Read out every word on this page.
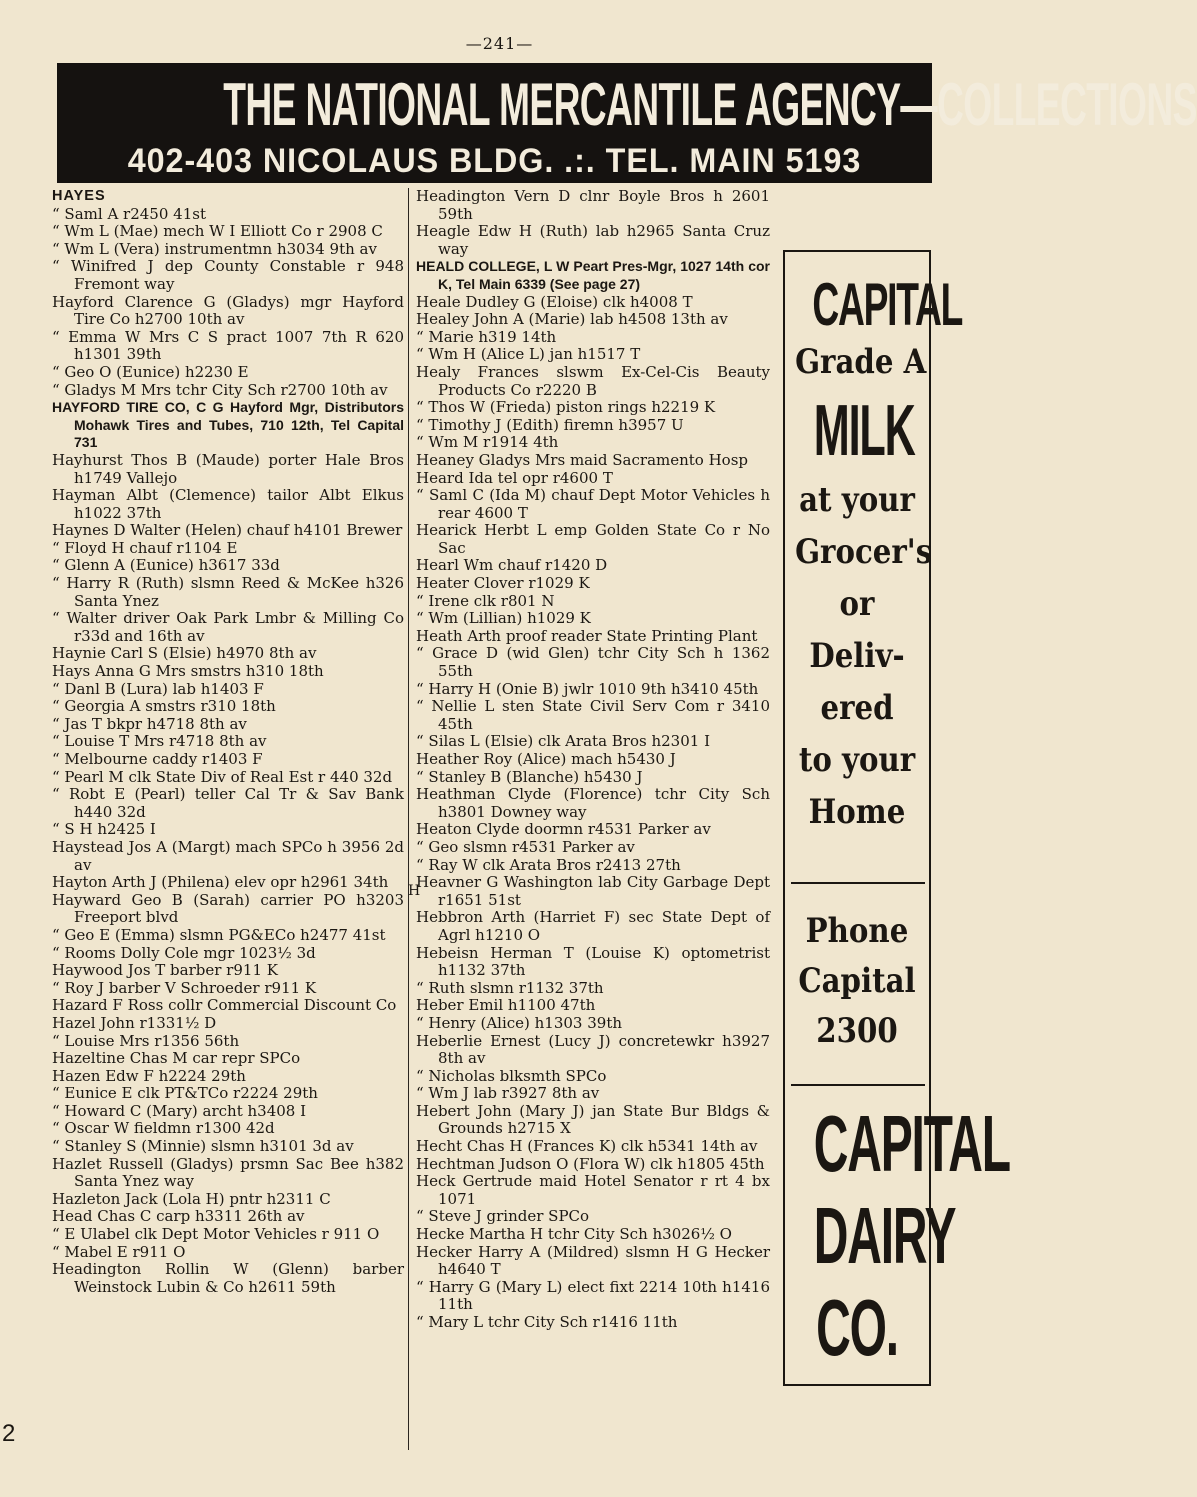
—241—
THE NATIONAL MERCANTILE AGENCY—COLLECTIONS
402-403 NICOLAUS BLDG. .:. TEL. MAIN 5193

HAYES

“ Saml A r2450 41st

“ Wm L (Mae) mech W I Elliott Co r 2908 C

“ Wm L (Vera) instrumentmn h3034 9th av

“ Winifred J dep County Constable r 948 Fremont way

Hayford Clarence G (Gladys) mgr Hayford Tire Co h2700 10th av

“ Emma W Mrs C S pract 1007 7th R 620 h1301 39th

“ Geo O (Eunice) h2230 E

“ Gladys M Mrs tchr City Sch r2700 10th av

HAYFORD TIRE CO, C G Hayford Mgr, Distributors Mohawk Tires and Tubes, 710 12th, Tel Capital 731

Hayhurst Thos B (Maude) porter Hale Bros h1749 Vallejo

Hayman Albt (Clemence) tailor Albt Elkus h1022 37th

Haynes D Walter (Helen) chauf h4101 Brewer

“ Floyd H chauf r1104 E

“ Glenn A (Eunice) h3617 33d

“ Harry R (Ruth) slsmn Reed & McKee h326 Santa Ynez

“ Walter driver Oak Park Lmbr & Milling Co r33d and 16th av

Haynie Carl S (Elsie) h4970 8th av

Hays Anna G Mrs smstrs h310 18th

“ Danl B (Lura) lab h1403 F

“ Georgia A smstrs r310 18th

“ Jas T bkpr h4718 8th av

“ Louise T Mrs r4718 8th av

“ Melbourne caddy r1403 F

“ Pearl M clk State Div of Real Est r 440 32d

“ Robt E (Pearl) teller Cal Tr & Sav Bank h440 32d

“ S H h2425 I

Haystead Jos A (Margt) mach SPCo h 3956 2d av

Hayton Arth J (Philena) elev opr h2961 34th

Hayward Geo B (Sarah) carrier PO h3203 Freeport blvd

“ Geo E (Emma) slsmn PG&ECo h2477 41st

“ Rooms Dolly Cole mgr 1023½ 3d

Haywood Jos T barber r911 K

“ Roy J barber V Schroeder r911 K

Hazard F Ross collr Commercial Discount Co

Hazel John r1331½ D

“ Louise Mrs r1356 56th

Hazeltine Chas M car repr SPCo

Hazen Edw F h2224 29th

“ Eunice E clk PT&TCo r2224 29th

“ Howard C (Mary) archt h3408 I

“ Oscar W fieldmn r1300 42d

“ Stanley S (Minnie) slsmn h3101 3d av

Hazlet Russell (Gladys) prsmn Sac Bee h382 Santa Ynez way

Hazleton Jack (Lola H) pntr h2311 C

Head Chas C carp h3311 26th av

“ E Ulabel clk Dept Motor Vehicles r 911 O

“ Mabel E r911 O

Headington Rollin W (Glenn) barber Weinstock Lubin & Co h2611 59th

Headington Vern D clnr Boyle Bros h 2601 59th

Heagle Edw H (Ruth) lab h2965 Santa Cruz way

HEALD COLLEGE, L W Peart Pres-Mgr, 1027 14th cor K, Tel Main 6339 (See page 27)

Heale Dudley G (Eloise) clk h4008 T

Healey John A (Marie) lab h4508 13th av

“ Marie h319 14th

“ Wm H (Alice L) jan h1517 T

Healy Frances slswm Ex-Cel-Cis Beauty Products Co r2220 B

“ Thos W (Frieda) piston rings h2219 K

“ Timothy J (Edith) firemn h3957 U

“ Wm M r1914 4th

Heaney Gladys Mrs maid Sacramento Hosp

Heard Ida tel opr r4600 T

“ Saml C (Ida M) chauf Dept Motor Vehicles h rear 4600 T

Hearick Herbt L emp Golden State Co r No Sac

Hearl Wm chauf r1420 D

Heater Clover r1029 K

“ Irene clk r801 N

“ Wm (Lillian) h1029 K

Heath Arth proof reader State Printing Plant

“ Grace D (wid Glen) tchr City Sch h 1362 55th

“ Harry H (Onie B) jwlr 1010 9th h3410 45th

“ Nellie L sten State Civil Serv Com r 3410 45th

“ Silas L (Elsie) clk Arata Bros h2301 I

Heather Roy (Alice) mach h5430 J

“ Stanley B (Blanche) h5430 J

Heathman Clyde (Florence) tchr City Sch h3801 Downey way

Heaton Clyde doormn r4531 Parker av

“ Geo slsmn r4531 Parker av

“ Ray W clk Arata Bros r2413 27th

Heavner G Washington lab City Garbage Dept r1651 51st

Hebbron Arth (Harriet F) sec State Dept of Agrl h1210 O

Hebeisn Herman T (Louise K) optometrist h1132 37th

“ Ruth slsmn r1132 37th

Heber Emil h1100 47th

“ Henry (Alice) h1303 39th

Heberlie Ernest (Lucy J) concretewkr h3927 8th av

“ Nicholas blksmth SPCo

“ Wm J lab r3927 8th av

Hebert John (Mary J) jan State Bur Bldgs & Grounds h2715 X

Hecht Chas H (Frances K) clk h5341 14th av

Hechtman Judson O (Flora W) clk h1805 45th

Heck Gertrude maid Hotel Senator r rt 4 bx 1071

“ Steve J grinder SPCo

Hecke Martha H tchr City Sch h3026½ O

Hecker Harry A (Mildred) slsmn H G Hecker h4640 T

“ Harry G (Mary L) elect fixt 2214 10th h1416 11th

“ Mary L tchr City Sch r1416 11th

H
CAPITAL
Grade A
MILK
at your
Grocer's
or
Deliv-
ered
to your
Home
Phone
Capital
2300
CAPITAL
DAIRY
CO.
2
